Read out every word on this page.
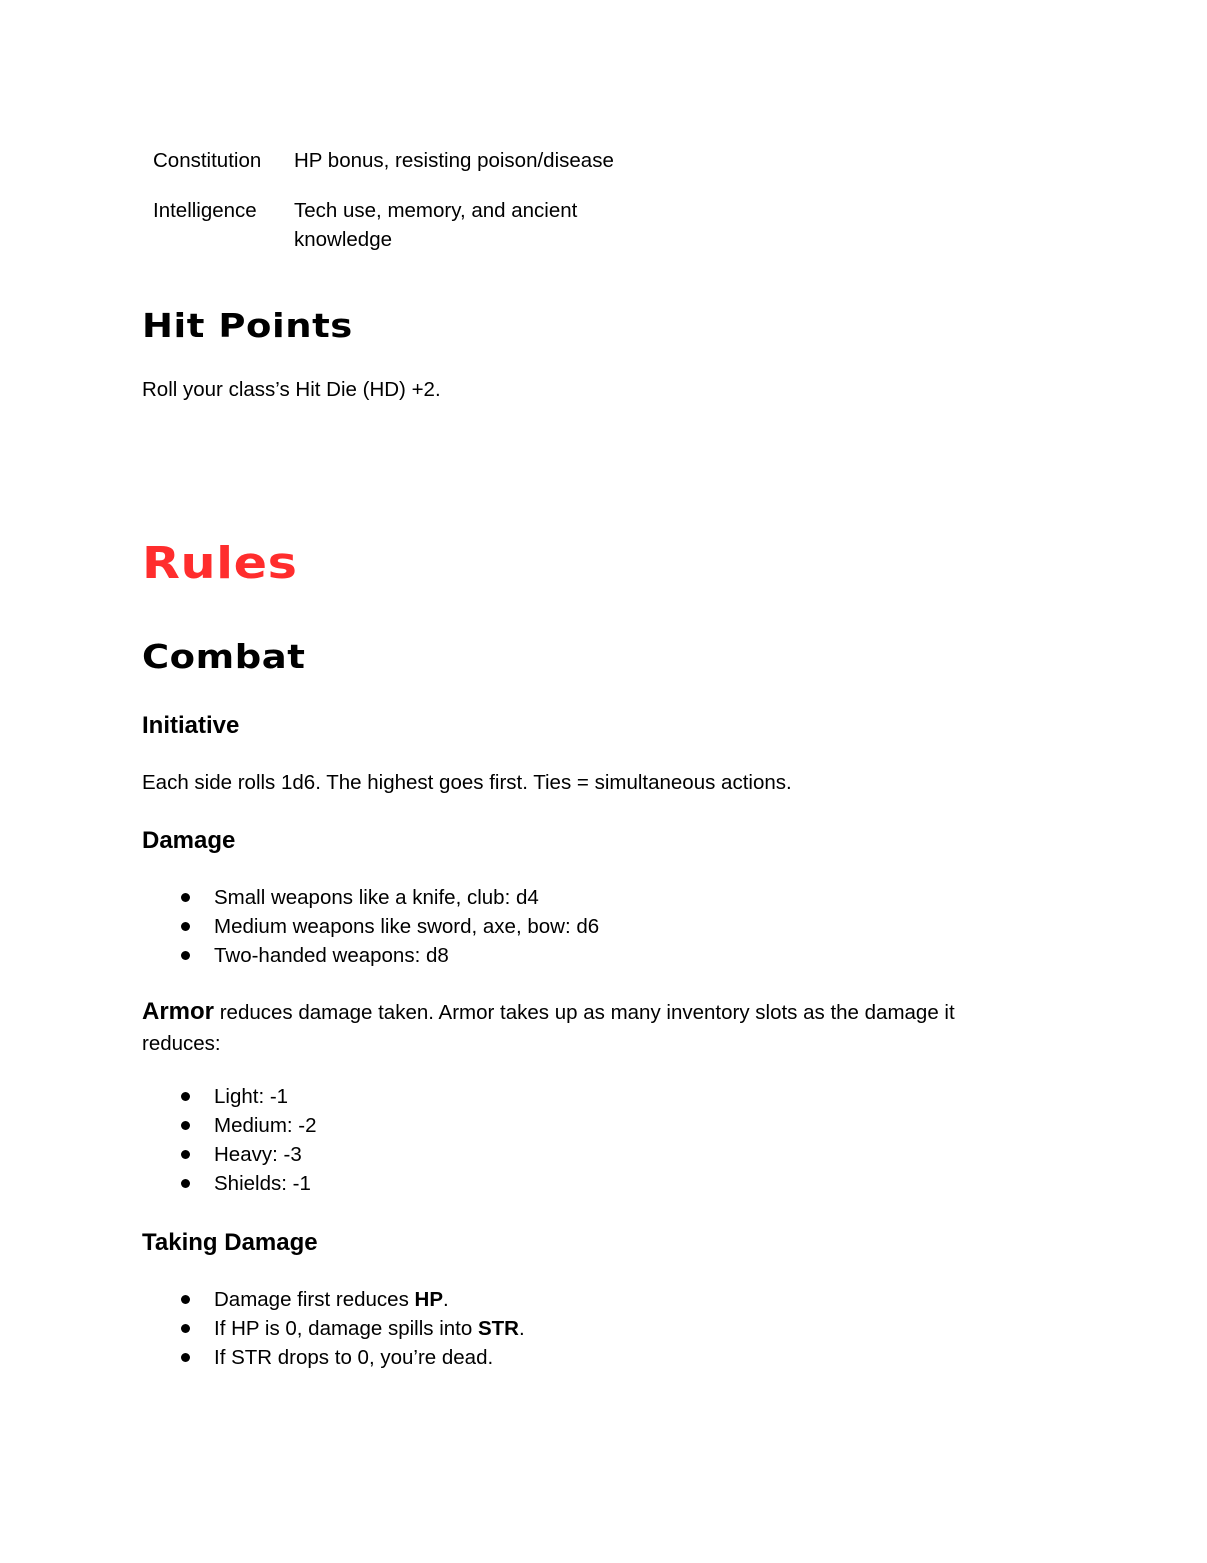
Constitution	HP bonus, resisting poison/disease
Intelligence	Tech use, memory, and ancient
knowledge
Hit Points
Roll your class’s Hit Die (HD) +2.
Rules
Combat
Initiative
Each side rolls 1d6. The highest goes first. Ties = simultaneous actions.
Damage
Small weapons like a knife, club: d4
Medium weapons like sword, axe, bow: d6
Two-handed weapons: d8
Armor reduces damage taken. Armor takes up as many inventory slots as the damage it
reduces:
Light: -1
Medium: -2
Heavy: -3
Shields: -1
Taking Damage
Damage first reduces HP.
If HP is 0, damage spills into STR.
If STR drops to 0, you’re dead.
